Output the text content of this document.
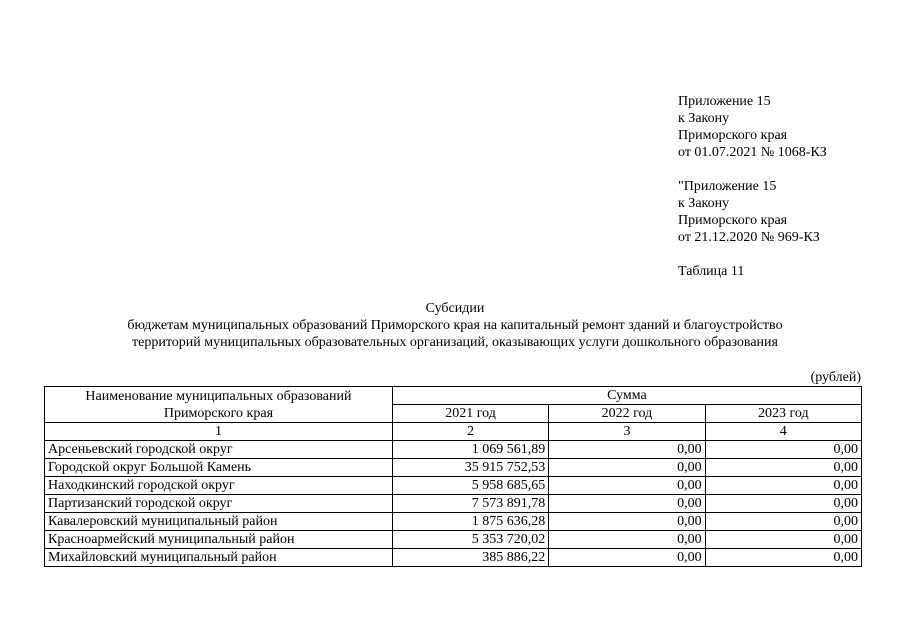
Приложение 15
к Закону
Приморского края
от 01.07.2021 № 1068-КЗ
"Приложение 15
к Закону
Приморского края
от 21.12.2020 № 969-КЗ
Таблица 11
Субсидии
бюджетам муниципальных образований Приморского края на капитальный ремонт зданий и благоустройство
территорий муниципальных образовательных организаций, оказывающих услуги дошкольного образования
(рублей)
Наименование муниципальных образований
Приморского края	Сумма		
	2021 год	2022 год	2023 год
1	2	3	4
Арсеньевский городской округ	1 069 561,89	0,00	0,00
Городской округ Большой Камень	35 915 752,53	0,00	0,00
Находкинский городской округ	5 958 685,65	0,00	0,00
Партизанский городской округ	7 573 891,78	0,00	0,00
Кавалеровский муниципальный район	1 875 636,28	0,00	0,00
Красноармейский муниципальный район	5 353 720,02	0,00	0,00
Михайловский муниципальный район	385 886,22	0,00	0,00
